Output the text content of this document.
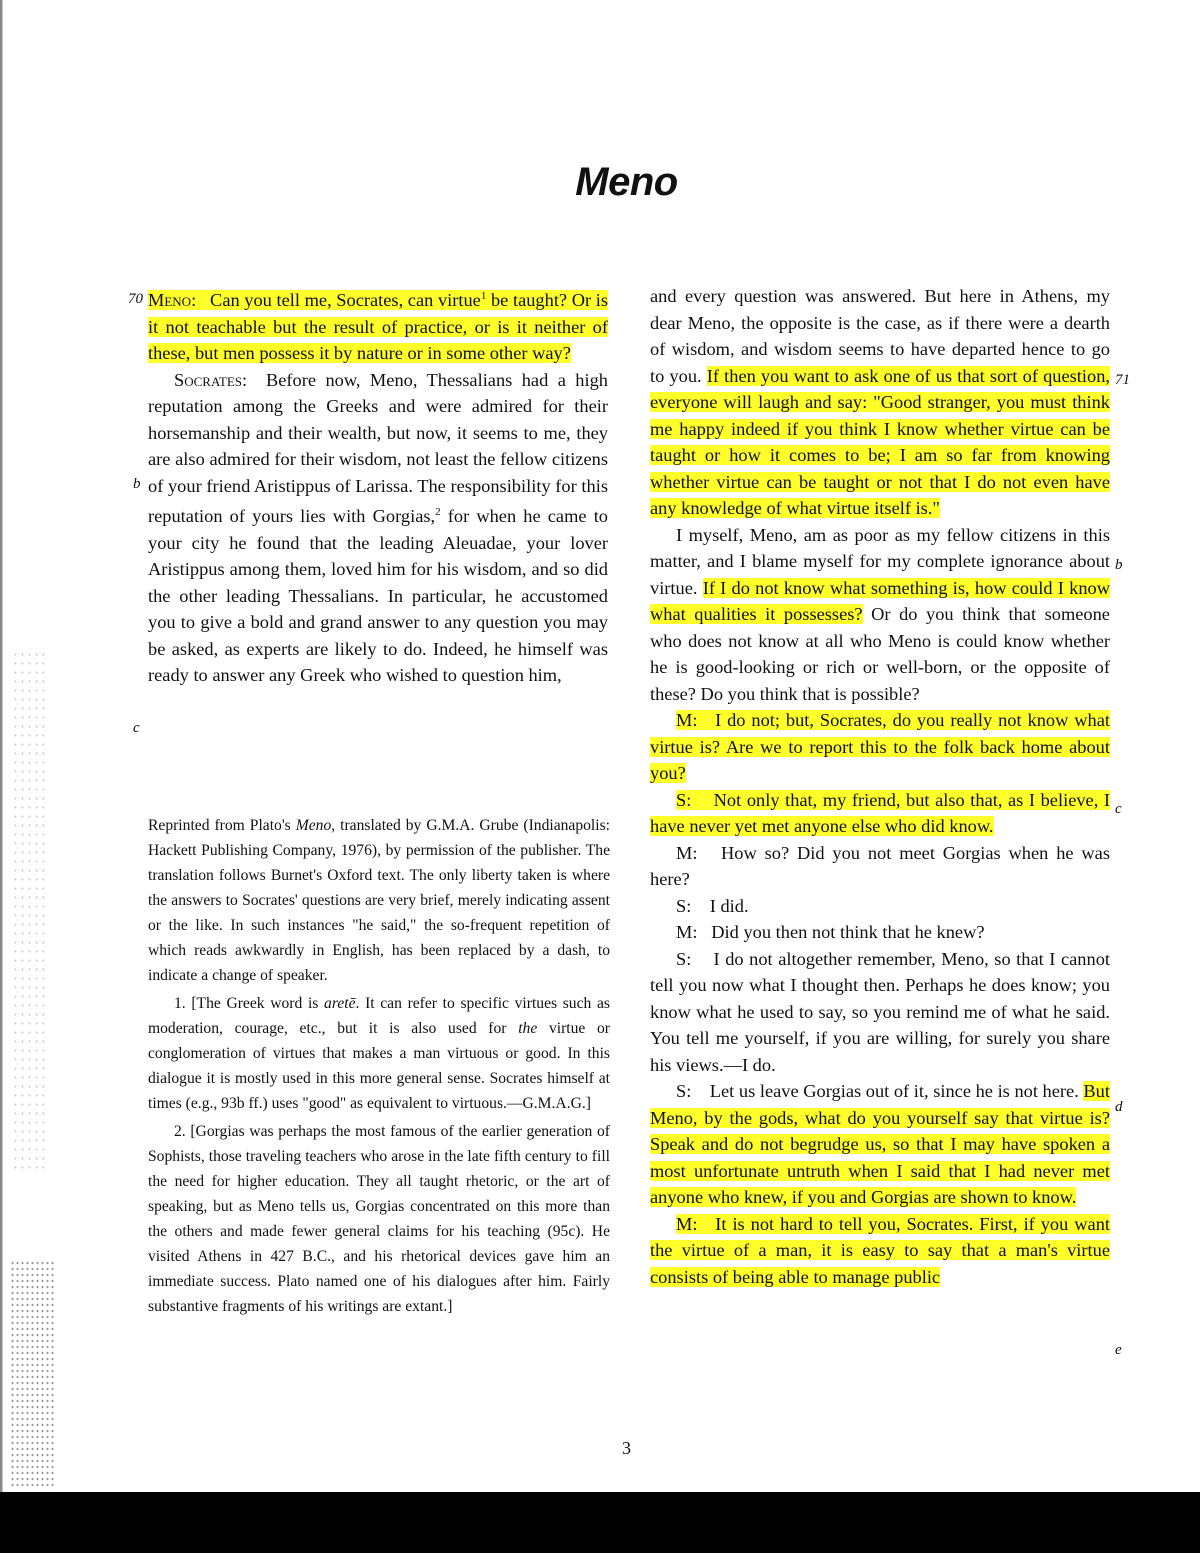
Meno
70
b
c
71
b
c
d
e

Meno: Can you tell me, Socrates, can virtue$^1$ be taught? Or is it not teachable but the result of practice, or is it neither of these, but men possess it by nature or in some other way?

Socrates: Before now, Meno, Thessalians had a high reputation among the Greeks and were admired for their horsemanship and their wealth, but now, it seems to me, they are also admired for their wisdom, not least the fellow citizens of your friend Aristippus of Larissa. The responsibility for this reputation of yours lies with Gorgias,$^2$ for when he came to your city he found that the leading Aleuadae, your lover Aristippus among them, loved him for his wisdom, and so did the other leading Thessalians. In particular, he accustomed you to give a bold and grand answer to any question you may be asked, as experts are likely to do. Indeed, he himself was ready to answer any Greek who wished to question him,

Reprinted from Plato's Meno, translated by G.M.A. Grube (Indianapolis: Hackett Publishing Company, 1976), by permission of the publisher. The translation follows Burnet's Oxford text. The only liberty taken is where the answers to Socrates' questions are very brief, merely indicating assent or the like. In such instances "he said," the so-frequent repetition of which reads awkwardly in English, has been replaced by a dash, to indicate a change of speaker.

1. [The Greek word is aretē. It can refer to specific virtues such as moderation, courage, etc., but it is also used for the virtue or conglomeration of virtues that makes a man virtuous or good. In this dialogue it is mostly used in this more general sense. Socrates himself at times (e.g., 93b ff.) uses "good" as equivalent to virtuous.—G.M.A.G.]

2. [Gorgias was perhaps the most famous of the earlier generation of Sophists, those traveling teachers who arose in the late fifth century to fill the need for higher education. They all taught rhetoric, or the art of speaking, but as Meno tells us, Gorgias concentrated on this more than the others and made fewer general claims for his teaching (95c). He visited Athens in 427 B.C., and his rhetorical devices gave him an immediate success. Plato named one of his dialogues after him. Fairly substantive fragments of his writings are extant.]

and every question was answered. But here in Athens, my dear Meno, the opposite is the case, as if there were a dearth of wisdom, and wisdom seems to have departed hence to go to you. If then you want to ask one of us that sort of question, everyone will laugh and say: "Good stranger, you must think me happy indeed if you think I know whether virtue can be taught or how it comes to be; I am so far from knowing whether virtue can be taught or not that I do not even have any knowledge of what virtue itself is."

I myself, Meno, am as poor as my fellow citizens in this matter, and I blame myself for my complete ignorance about virtue. If I do not know what something is, how could I know what qualities it possesses? Or do you think that someone who does not know at all who Meno is could know whether he is good-looking or rich or well-born, or the opposite of these? Do you think that is possible?

M: I do not; but, Socrates, do you really not know what virtue is? Are we to report this to the folk back home about you?

S: Not only that, my friend, but also that, as I believe, I have never yet met anyone else who did know.

M: How so? Did you not meet Gorgias when he was here?

S: I did.

M: Did you then not think that he knew?

S: I do not altogether remember, Meno, so that I cannot tell you now what I thought then. Perhaps he does know; you know what he used to say, so you remind me of what he said. You tell me yourself, if you are willing, for surely you share his views.—I do.

S: Let us leave Gorgias out of it, since he is not here. But Meno, by the gods, what do you yourself say that virtue is? Speak and do not begrudge us, so that I may have spoken a most unfortunate untruth when I said that I had never met anyone who knew, if you and Gorgias are shown to know.

M: It is not hard to tell you, Socrates. First, if you want the virtue of a man, it is easy to say that a man's virtue consists of being able to manage public

3
